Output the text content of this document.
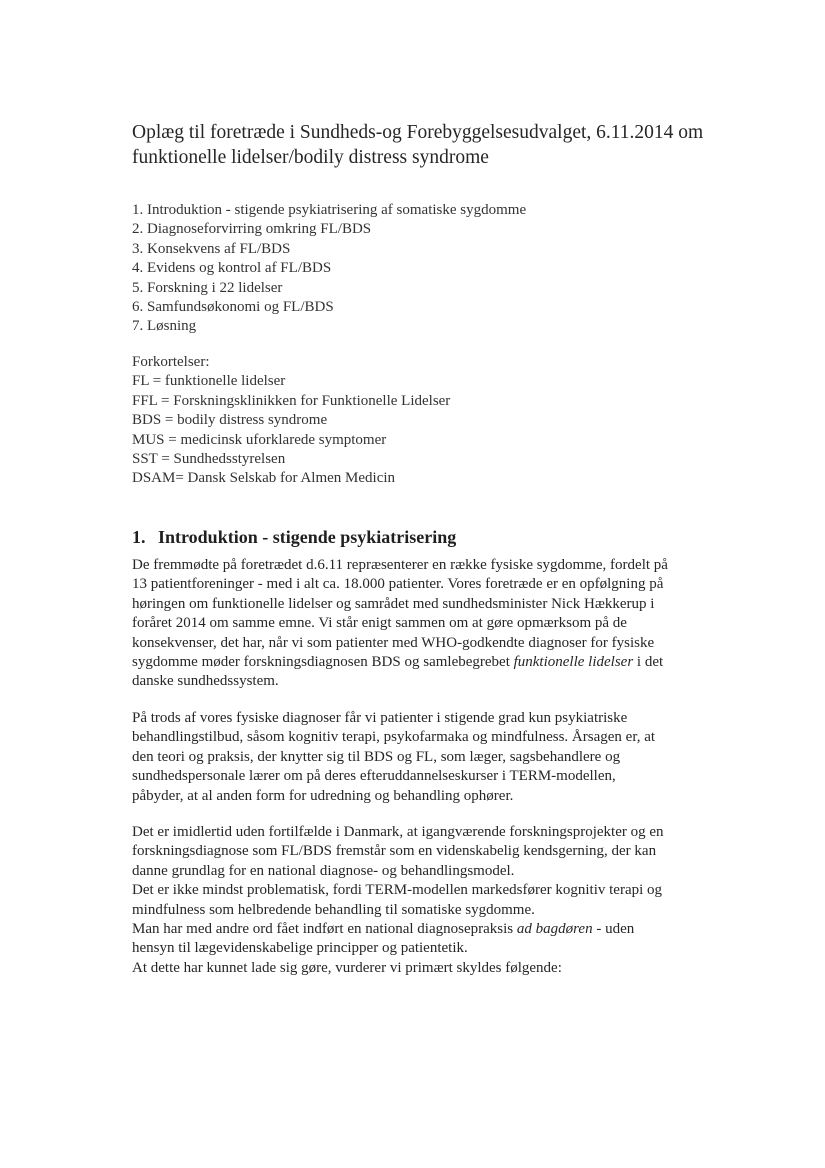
Oplæg til foretræde i Sundheds-og Forebyggelsesudvalget, 6.11.2014 om
funktionelle lidelser/bodily distress syndrome
1. Introduktion - stigende psykiatrisering af somatiske sygdomme
2. Diagnoseforvirring omkring FL/BDS
3. Konsekvens af FL/BDS
4. Evidens og kontrol af FL/BDS
5. Forskning i 22 lidelser
6. Samfundsøkonomi og FL/BDS
7. Løsning
Forkortelser:
FL = funktionelle lidelser
FFL = Forskningsklinikken for Funktionelle Lidelser
BDS = bodily distress syndrome
MUS = medicinsk uforklarede symptomer
SST = Sundhedsstyrelsen
DSAM= Dansk Selskab for Almen Medicin
1. Introduktion - stigende psykiatrisering
De fremmødte på foretrædet d.6.11 repræsenterer en række fysiske sygdomme, fordelt på
13 patientforeninger - med i alt ca. 18.000 patienter. Vores foretræde er en opfølgning på
høringen om funktionelle lidelser og samrådet med sundhedsminister Nick Hækkerup i
foråret 2014 om samme emne. Vi står enigt sammen om at gøre opmærksom på de
konsekvenser, det har, når vi som patienter med WHO-godkendte diagnoser for fysiske
sygdomme møder forskningsdiagnosen BDS og samlebegrebet funktionelle lidelser i det
danske sundhedssystem.
På trods af vores fysiske diagnoser får vi patienter i stigende grad kun psykiatriske
behandlingstilbud, såsom kognitiv terapi, psykofarmaka og mindfulness. Årsagen er, at
den teori og praksis, der knytter sig til BDS og FL, som læger, sagsbehandlere og
sundhedspersonale lærer om på deres efteruddannelseskurser i TERM-modellen,
påbyder, at al anden form for udredning og behandling ophører.
Det er imidlertid uden fortilfælde i Danmark, at igangværende forskningsprojekter og en
forskningsdiagnose som FL/BDS fremstår som en videnskabelig kendsgerning, der kan
danne grundlag for en national diagnose- og behandlingsmodel.
Det er ikke mindst problematisk, fordi TERM-modellen markedsfører kognitiv terapi og
mindfulness som helbredende behandling til somatiske sygdomme.
Man har med andre ord fået indført en national diagnosepraksis ad bagdøren - uden
hensyn til lægevidenskabelige principper og patientetik.
At dette har kunnet lade sig gøre, vurderer vi primært skyldes følgende:
